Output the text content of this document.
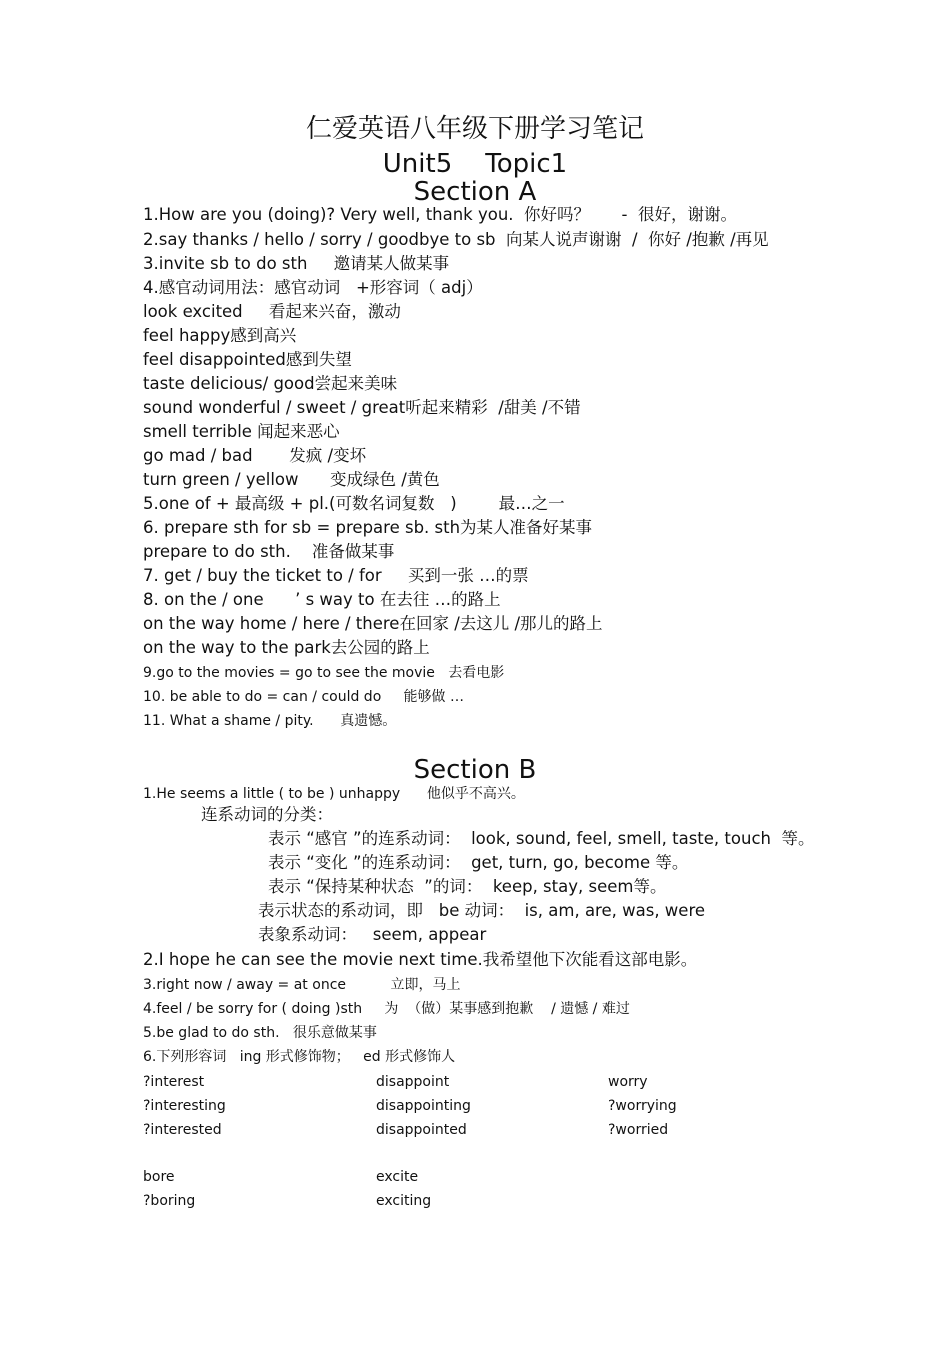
仁爱英语八年级下册学习笔记
Unit5    Topic1
Section A
1.How are you (doing)? Very well, thank you.  你好吗？      -  很好，谢谢。
2.say thanks / hello / sorry / goodbye to sb  向某人说声谢谢  /  你好 /抱歉 /再见
3.invite sb to do sth     邀请某人做某事
4.感官动词用法：感官动词   +形容词（ adj）
look excited     看起来兴奋，激动
feel happy感到高兴
feel disappointed感到失望
taste delicious/ good尝起来美味
sound wonderful / sweet / great听起来精彩  /甜美 /不错
smell terrible 闻起来恶心
go mad / bad       发疯 /变坏
turn green / yellow      变成绿色 /黄色
5.one of + 最高级 + pl.(可数名词复数   )        最…之一
6. prepare sth for sb = prepare sb. sth为某人准备好某事
prepare to do sth.    准备做某事
7. get / buy the ticket to / for     买到一张 …的票
8. on the / one      ’ s way to 在去往 …的路上
on the way home / here / there在回家 /去这儿 /那儿的路上
on the way to the park去公园的路上
9.go to the movies = go to see the movie   去看电影
10. be able to do = can / could do     能够做 …
11. What a shame / pity.      真遗憾。
Section B
1.He seems a little ( to be ) unhappy      他似乎不高兴。
连系动词的分类：
表示 “感官 ”的连系动词：  look, sound, feel, smell, taste, touch  等。
表示 “变化 ”的连系动词：  get, turn, go, become 等。
表示 “保持某种状态  ”的词：  keep, stay, seem等。
表示状态的系动词，即   be 动词：  is, am, are, was, were
表象系动词：   seem, appear
2.I hope he can see the movie next time.我希望他下次能看这部电影。
3.right now / away = at once          立即，马上
4.feel / be sorry for ( doing )sth     为  （做）某事感到抱歉    / 遗憾 / 难过
5.be glad to do sth.   很乐意做某事
6.下列形容词   ing 形式修饰物；   ed 形式修饰人
?interest
?interesting
?interested
bore
?boring
disappoint
disappointing
disappointed
excite
exciting
worry
?worrying
?worried
